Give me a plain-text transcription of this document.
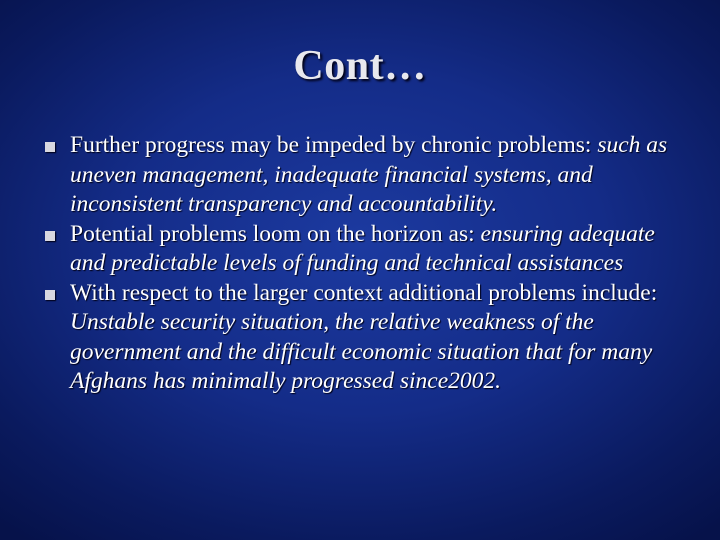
Cont…
Further progress may be impeded by chronic problems: such as uneven management, inadequate financial systems, and inconsistent transparency and accountability.
Potential problems loom on the horizon as: ensuring adequate and predictable levels of funding and technical assistances
With respect to the larger context additional problems include: Unstable security situation, the relative weakness of the government and the difficult economic situation that for many Afghans has minimally progressed since2002.
